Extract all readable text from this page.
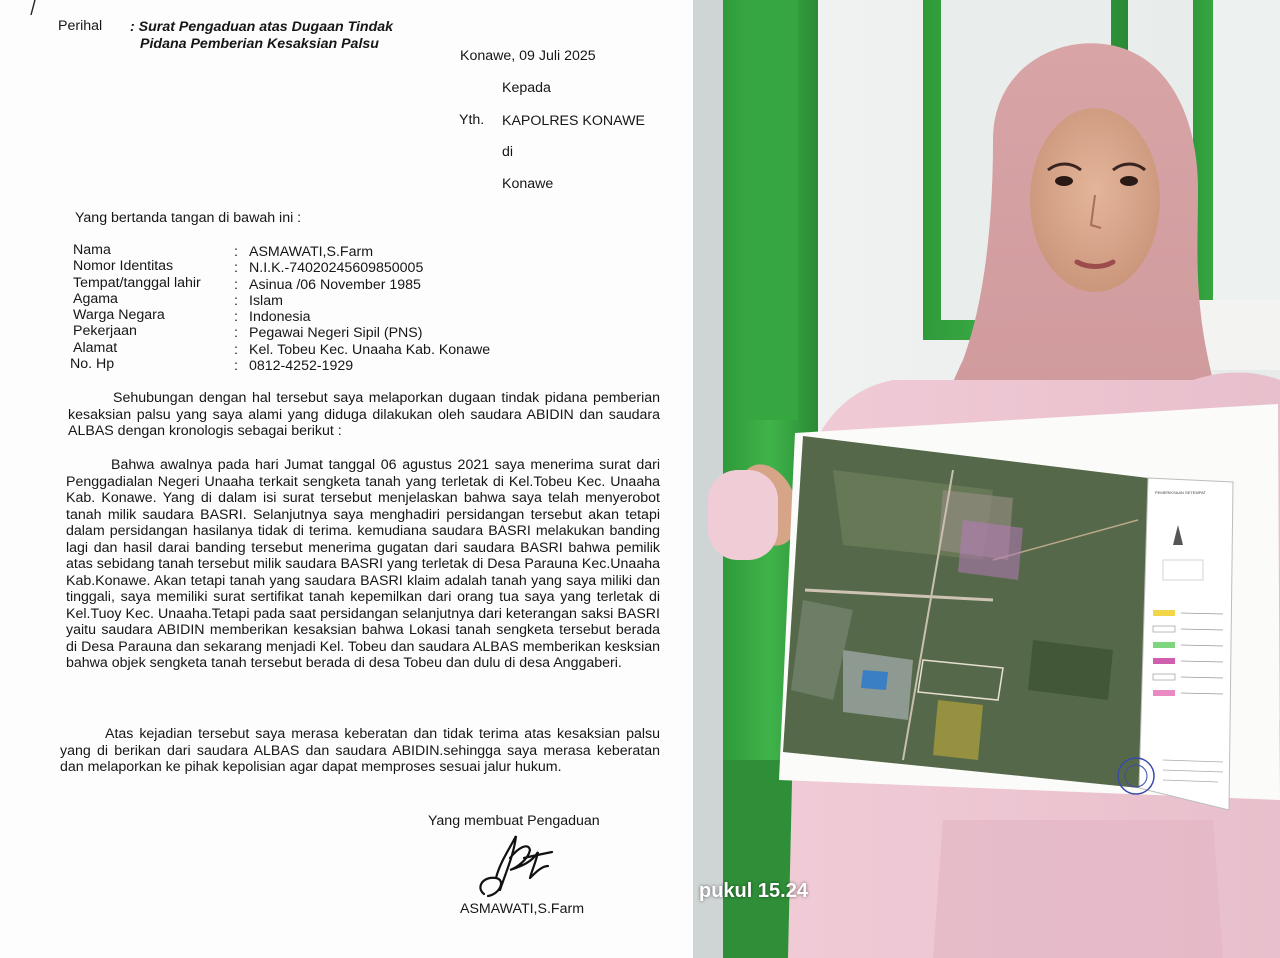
Perihal : Surat Pengaduan atas Dugaan Tindak
Pidana Pemberian Kesaksian Palsu
Konawe, 09 Juli 2025
Kepada
Yth. KAPOLRES KONAWE
di
Konawe
Yang bertanda tangan di bawah ini :
Nama	: ASMAWATI,S.Farm
Nomor Identitas	: N.I.K.-74020245609850005
Tempat/tanggal lahir : Asinua /06 November 1985
Agama	: Islam
Warga Negara	: Indonesia
Pekerjaan	: Pegawai Negeri Sipil (PNS)
Alamat	: Kel. Tobeu Kec. Unaaha Kab. Konawe
No. Hp	: 0812-4252-1929
Sehubungan dengan hal tersebut saya melaporkan dugaan tindak pidana pemberian kesaksian palsu yang saya alami yang diduga dilakukan oleh saudara ABIDIN dan saudara ALBAS dengan kronologis sebagai berikut :
Bahwa awalnya pada hari Jumat tanggal 06 agustus 2021 saya menerima surat dari Penggadialan Negeri Unaaha terkait sengketa tanah yang terletak di Kel.Tobeu Kec. Unaaha Kab. Konawe. Yang di dalam isi surat tersebut menjelaskan bahwa saya telah menyerobot tanah milik saudara BASRI. Selanjutnya saya menghadiri persidangan tersebut akan tetapi dalam persidangan hasilanya tidak di terima. kemudiana saudara BASRI melakukan banding lagi dan hasil darai banding tersebut menerima gugatan dari saudara BASRI bahwa pemilik atas sebidang tanah tersebut milik saudara BASRI yang terletak di Desa Parauna Kec.Unaaha Kab.Konawe. Akan tetapi tanah yang saudara BASRI klaim adalah tanah yang saya miliki dan tinggali, saya memiliki surat sertifikat tanah kepemilkan dari orang tua saya yang terletak di Kel.Tuoy Kec. Unaaha.Tetapi pada saat persidangan selanjutnya dari keterangan saksi BASRI yaitu saudara ABIDIN memberikan kesaksian bahwa Lokasi tanah sengketa tersebut berada di Desa Parauna dan sekarang menjadi Kel. Tobeu dan saudara ALBAS memberikan kesksian bahwa objek sengketa tanah tersebut berada di desa Tobeu dan dulu di desa Anggaberi.
Atas kejadian tersebut saya merasa keberatan dan tidak terima atas kesaksian palsu yang di berikan dari saudara ALBAS dan saudara ABIDIN.sehingga saya merasa keberatan dan melaporkan ke pihak kepolisian agar dapat memproses sesuai jalur hukum.
Yang membuat Pengaduan
ASMAWATI,S.Farm
PEMERIKSAAN SETEMPAT
pukul 15.24
